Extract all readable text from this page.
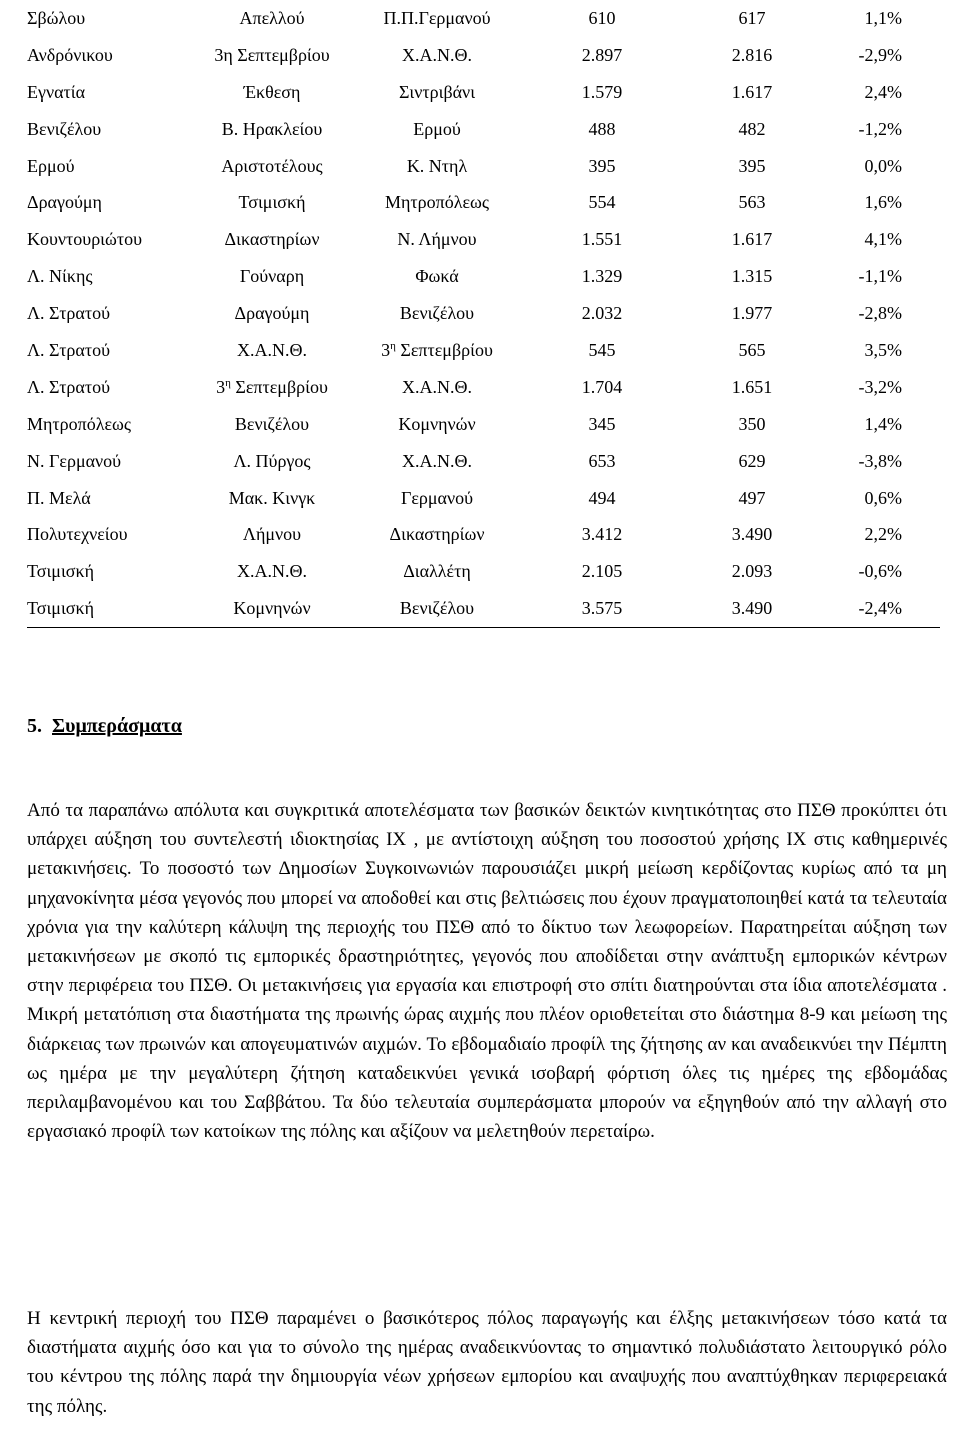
Σβώλου	Απελλού	Π.Π.Γερμανού	610	617	1,1%
Ανδρόνικου	3η Σεπτεμβρίου	Χ.Α.Ν.Θ.	2.897	2.816	-2,9%
Εγνατία	Έκθεση	Σιντριβάνι	1.579	1.617	2,4%
Βενιζέλου	Β. Ηρακλείου	Ερμού	488	482	-1,2%
Ερμού	Αριστοτέλους	Κ. Ντηλ	395	395	0,0%
Δραγούμη	Τσιμισκή	Μητροπόλεως	554	563	1,6%
Κουντουριώτου	Δικαστηρίων	Ν. Λήμνου	1.551	1.617	4,1%
Λ. Νίκης	Γούναρη	Φωκά	1.329	1.315	-1,1%
Λ. Στρατού	Δραγούμη	Βενιζέλου	2.032	1.977	-2,8%
Λ. Στρατού	Χ.Α.Ν.Θ.	$3^\eta$ Σεπτεμβρίου	545	565	3,5%
Λ. Στρατού	$3^\eta$ Σεπτεμβρίου	Χ.Α.Ν.Θ.	1.704	1.651	-3,2%
Μητροπόλεως	Βενιζέλου	Κομνηνών	345	350	1,4%
Ν. Γερμανού	Λ. Πύργος	Χ.Α.Ν.Θ.	653	629	-3,8%
Π. Μελά	Μακ. Κινγκ	Γερμανού	494	497	0,6%
Πολυτεχνείου	Λήμνου	Δικαστηρίων	3.412	3.490	2,2%
Τσιμισκή	Χ.Α.Ν.Θ.	Διαλλέτη	2.105	2.093	-0,6%
Τσιμισκή	Κομνηνών	Βενιζέλου	3.575	3.490	-2,4%
5. Συμπεράσματα
Από τα παραπάνω απόλυτα και συγκριτικά αποτελέσματα των βασικών δεικτών κινητικότητας στο ΠΣΘ προκύπτει ότι υπάρχει αύξηση του συντελεστή ιδιοκτησίας ΙΧ , με αντίστοιχη αύξηση του ποσοστού χρήσης ΙΧ στις καθημερινές μετακινήσεις. Το ποσοστό των Δημοσίων Συγκοινωνιών παρουσιάζει μικρή μείωση κερδίζοντας κυρίως από τα μη μηχανοκίνητα μέσα γεγονός που μπορεί να αποδοθεί και στις βελτιώσεις που έχουν πραγματοποιηθεί κατά τα τελευταία χρόνια για την καλύτερη κάλυψη της περιοχής του ΠΣΘ από το δίκτυο των λεωφορείων. Παρατηρείται αύξηση των μετακινήσεων με σκοπό τις εμπορικές δραστηριότητες, γεγονός που αποδίδεται στην ανάπτυξη εμπορικών κέντρων στην περιφέρεια του ΠΣΘ. Οι μετακινήσεις για εργασία και επιστροφή στο σπίτι διατηρούνται στα ίδια αποτελέσματα . Μικρή μετατόπιση στα διαστήματα της πρωινής ώρας αιχμής που πλέον οριοθετείται στο διάστημα 8-9 και μείωση της διάρκειας των πρωινών και απογευματινών αιχμών. Το εβδομαδιαίο προφίλ της ζήτησης αν και αναδεικνύει την Πέμπτη ως ημέρα με την μεγαλύτερη ζήτηση καταδεικνύει γενικά ισοβαρή φόρτιση όλες τις ημέρες της εβδομάδας περιλαμβανομένου και του Σαββάτου. Τα δύο τελευταία συμπεράσματα μπορούν να εξηγηθούν από την αλλαγή στο εργασιακό προφίλ των κατοίκων της πόλης και αξίζουν να μελετηθούν περεταίρω.
Η κεντρική περιοχή του ΠΣΘ παραμένει ο βασικότερος πόλος παραγωγής και έλξης μετακινήσεων τόσο κατά τα διαστήματα αιχμής όσο και για το σύνολο της ημέρας αναδεικνύοντας το σημαντικό πολυδιάστατο λειτουργικό ρόλο του κέντρου της πόλης παρά την δημιουργία νέων χρήσεων εμπορίου και αναψυχής που αναπτύχθηκαν περιφερειακά της πόλης.
